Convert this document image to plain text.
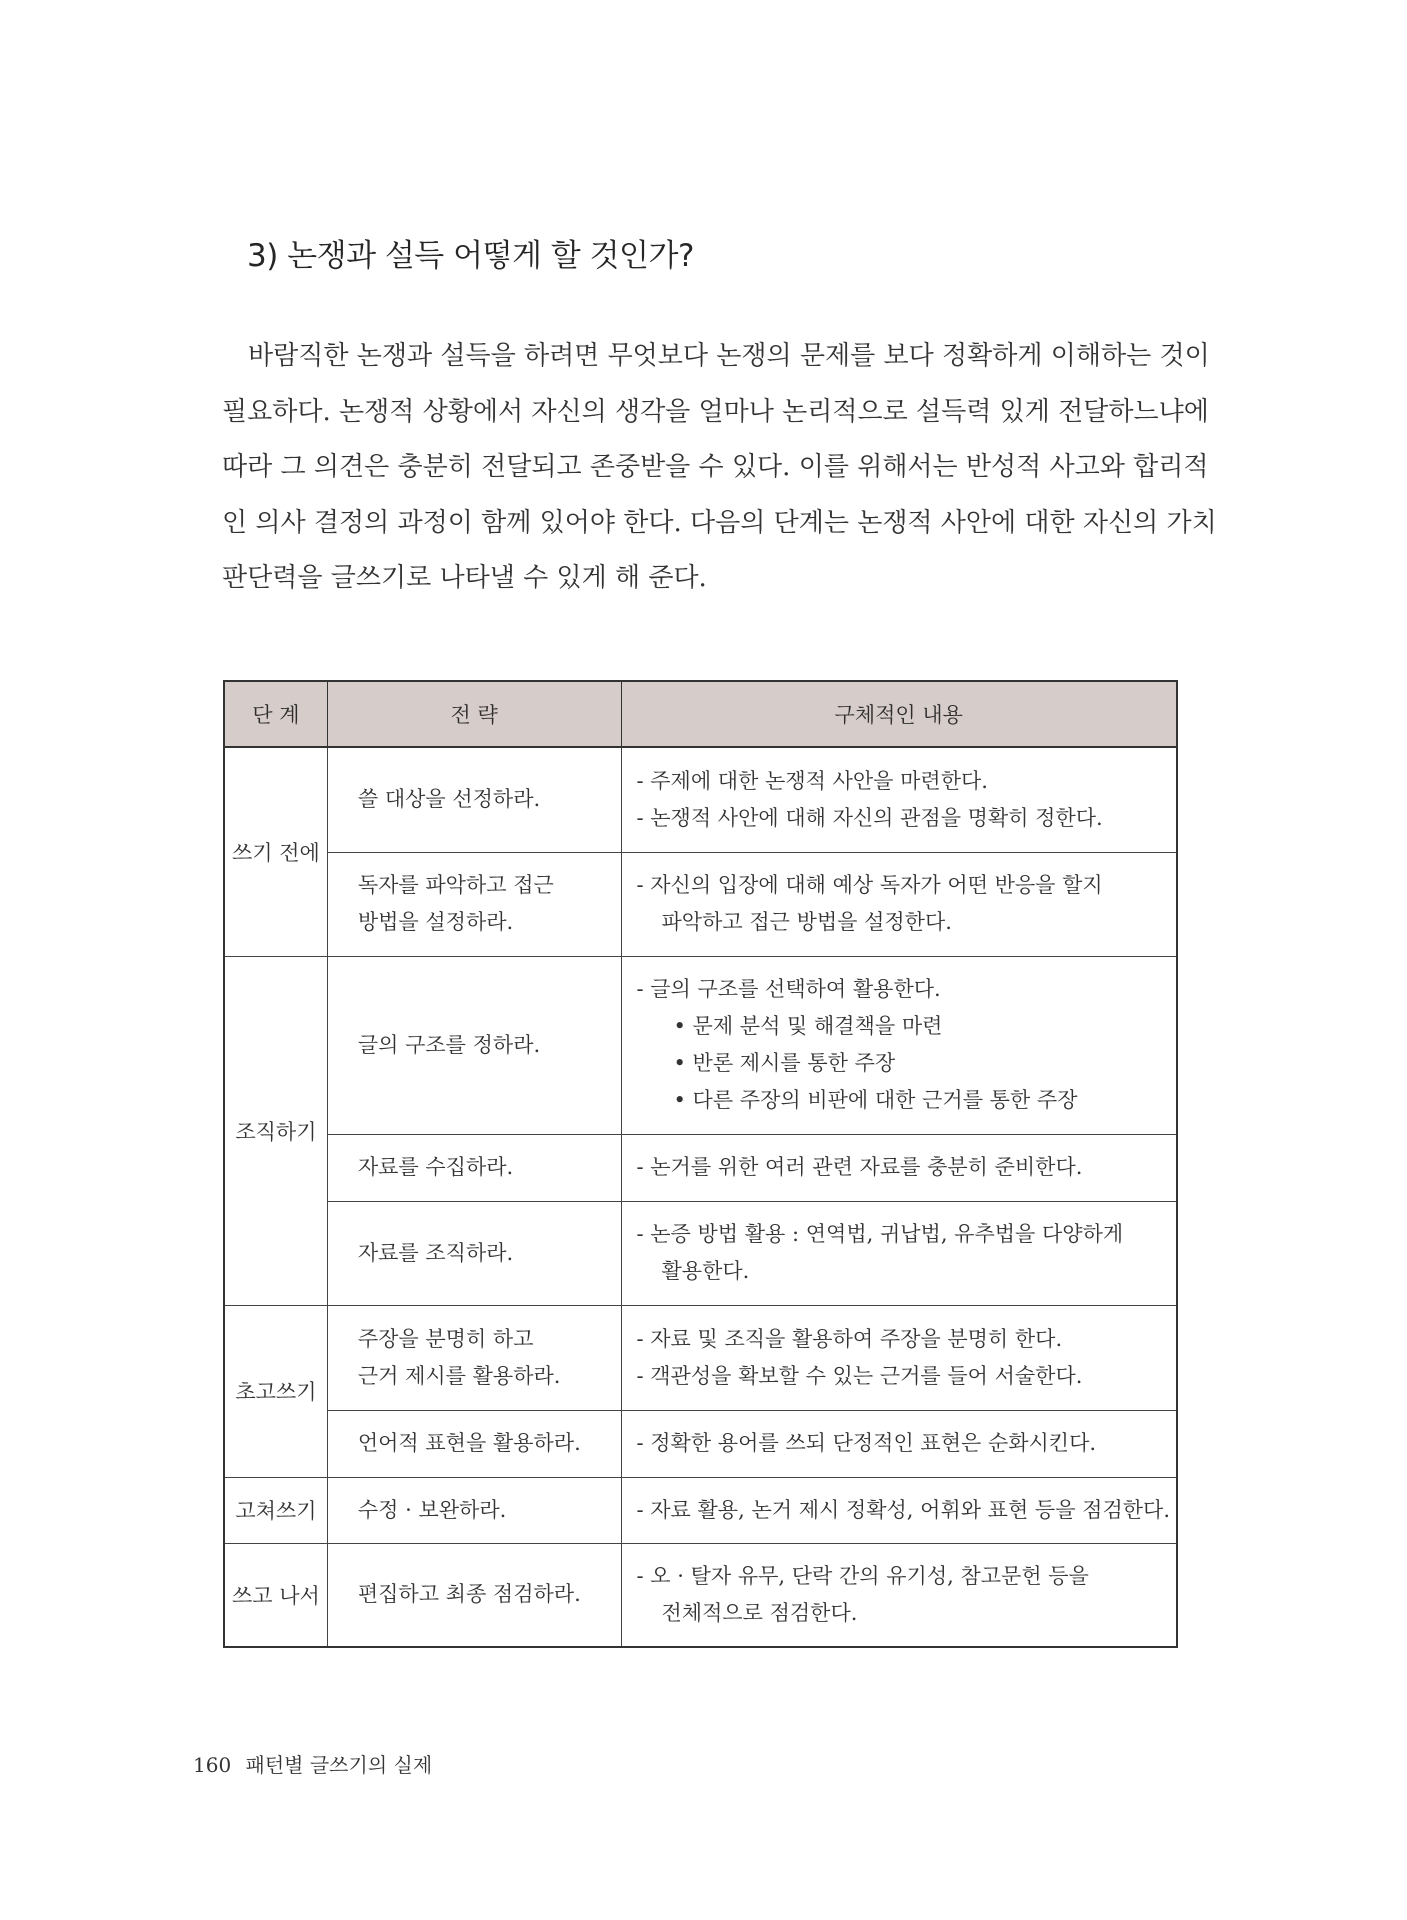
3) 논쟁과 설득 어떻게 할 것인가?

바람직한 논쟁과 설득을 하려면 무엇보다 논쟁의 문제를 보다 정확하게 이해하는 것이
필요하다. 논쟁적 상황에서 자신의 생각을 얼마나 논리적으로 설득력 있게 전달하느냐에
따라 그 의견은 충분히 전달되고 존중받을 수 있다. 이를 위해서는 반성적 사고와 합리적
인 의사 결정의 과정이 함께 있어야 한다. 다음의 단계는 논쟁적 사안에 대한 자신의 가치
판단력을 글쓰기로 나타낼 수 있게 해 준다.

단 계	전 략	구체적인 내용
쓰기 전에	쓸 대상을 선정하라.	- 주제에 대한 논쟁적 사안을 마련한다.
- 논쟁적 사안에 대해 자신의 관점을 명확히 정한다.

	독자를 파악하고 접근
방법을 설정하라.	- 자신의 입장에 대해 예상 독자가 어떤 반응을 할지
파악하고 접근 방법을 설정한다.

조직하기	글의 구조를 정하라.	- 글의 구조를 선택하여 활용한다.
• 문제 분석 및 해결책을 마련
• 반론 제시를 통한 주장
• 다른 주장의 비판에 대한 근거를 통한 주장

	자료를 수집하라.	- 논거를 위한 여러 관련 자료를 충분히 준비한다.

	자료를 조직하라.	- 논증 방법 활용 : 연역법, 귀납법, 유추법을 다양하게
활용한다.

초고쓰기	주장을 분명히 하고
근거 제시를 활용하라.	- 자료 및 조직을 활용하여 주장을 분명히 한다.
- 객관성을 확보할 수 있는 근거를 들어 서술한다.

	언어적 표현을 활용하라.	- 정확한 용어를 쓰되 단정적인 표현은 순화시킨다.

고쳐쓰기	수정 · 보완하라.	- 자료 활용, 논거 제시 정확성, 어휘와 표현 등을 점검한다.

쓰고 나서	편집하고 최종 점검하라.	- 오 · 탈자 유무, 단락 간의 유기성, 참고문헌 등을
전체적으로 점검한다.
160 패턴별 글쓰기의 실제
